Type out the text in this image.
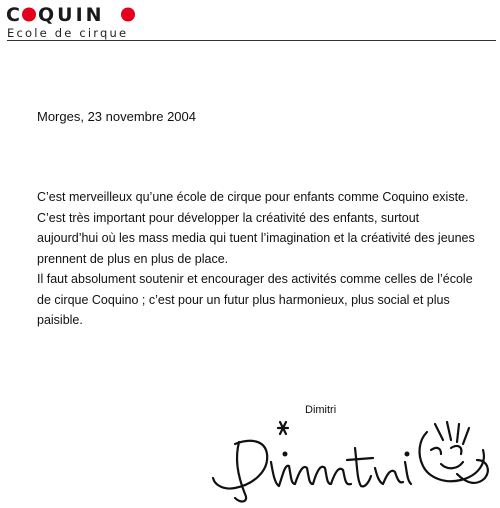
C QUIN
Ecole de cirque
Morges, 23 novembre 2004

C’est merveilleux qu’une école de cirque pour enfants comme Coquino existe.

C’est très important pour développer la créativité des enfants, surtout

aujourd’hui où les mass media qui tuent l’imagination et la créativité des jeunes

prennent de plus en plus de place.

Il faut absolument soutenir et encourager des activités comme celles de l’école

de cirque Coquino ; c’est pour un futur plus harmonieux, plus social et plus

paisible.

Dimitri
